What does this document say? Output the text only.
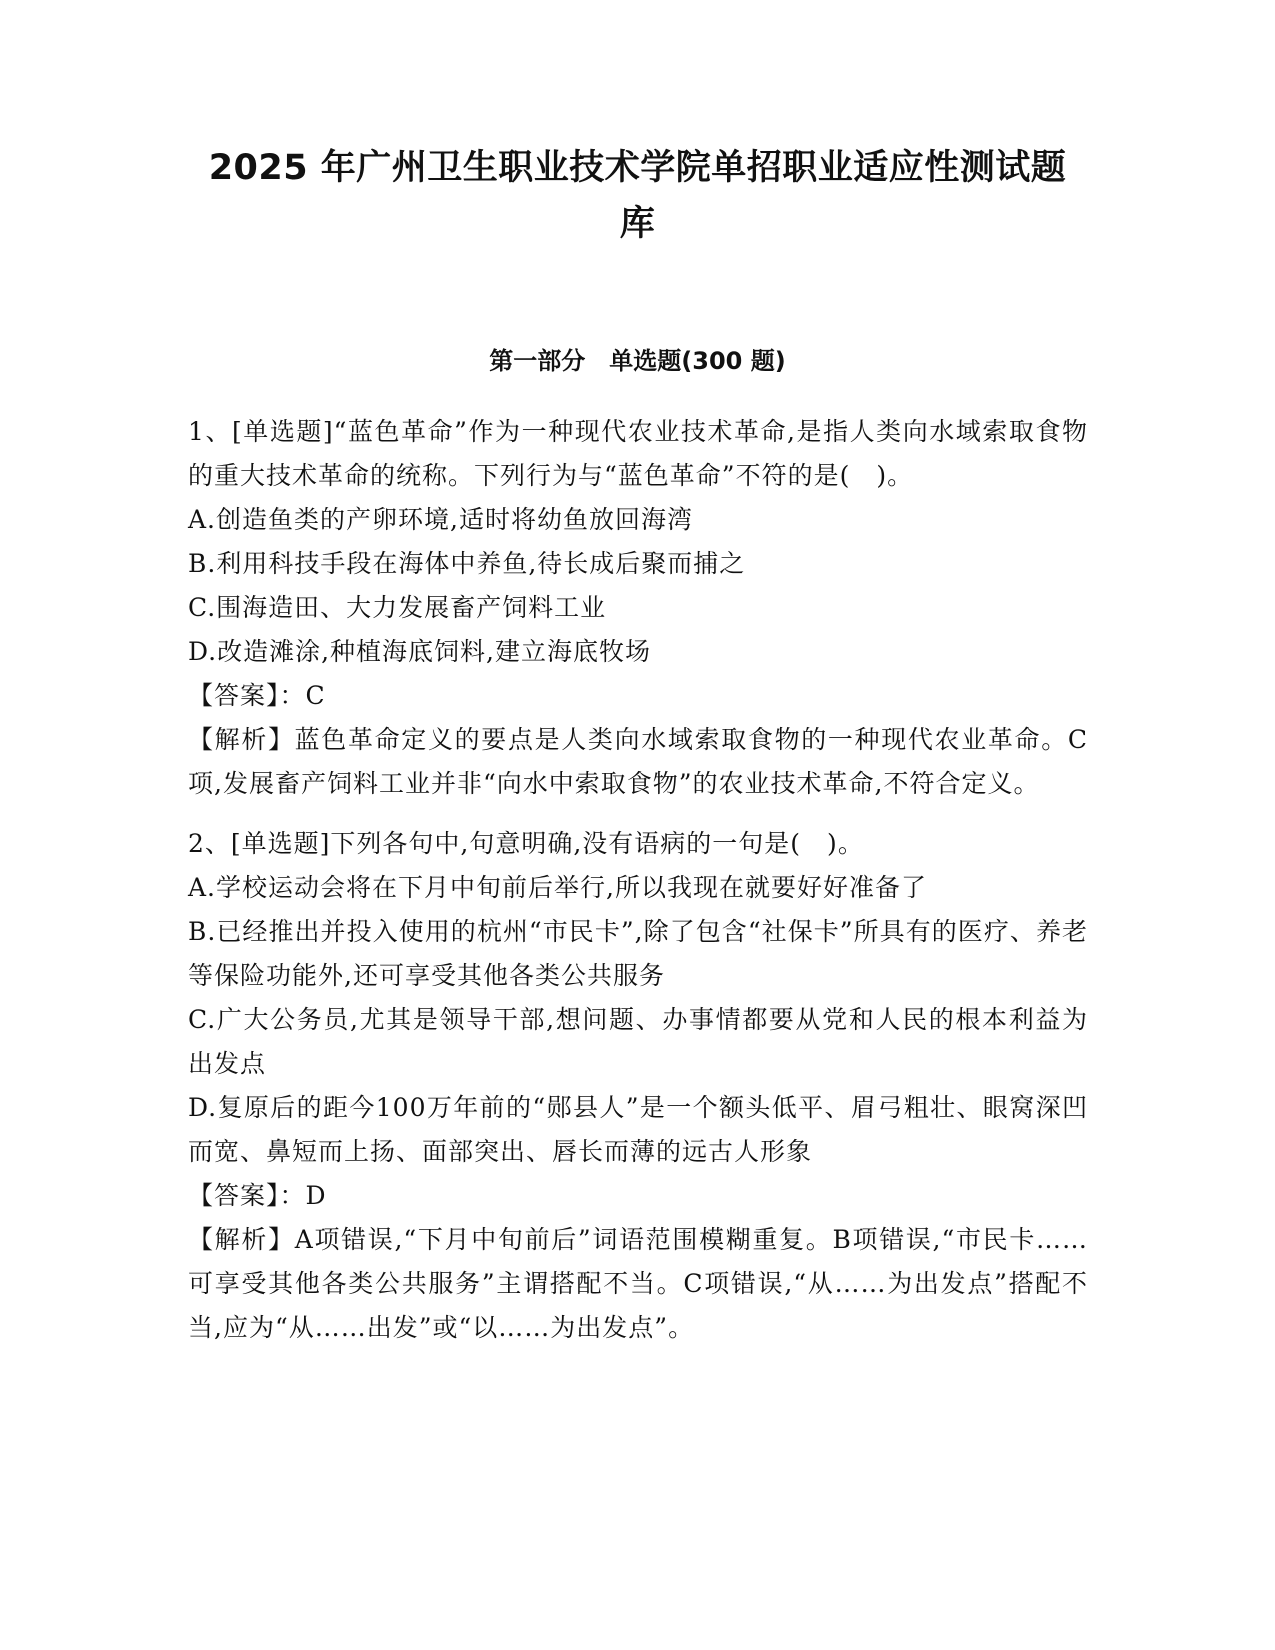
2025 年广州卫生职业技术学院单招职业适应性测试题
库
第一部分　单选题(300 题)

1、[单选题]“蓝色革命”作为一种现代农业技术革命,是指人类向水域索取食物的重大技术革命的统称。下列行为与“蓝色革命”不符的是(　)。

A.创造鱼类的产卵环境,适时将幼鱼放回海湾

B.利用科技手段在海体中养鱼,待长成后聚而捕之

C.围海造田、大力发展畜产饲料工业

D.改造滩涂,种植海底饲料,建立海底牧场

【答案】：C

【解析】蓝色革命定义的要点是人类向水域索取食物的一种现代农业革命。C项,发展畜产饲料工业并非“向水中索取食物”的农业技术革命,不符合定义。

2、[单选题]下列各句中,句意明确,没有语病的一句是(　)。

A.学校运动会将在下月中旬前后举行,所以我现在就要好好准备了

B.已经推出并投入使用的杭州“市民卡”,除了包含“社保卡”所具有的医疗、养老等保险功能外,还可享受其他各类公共服务

C.广大公务员,尤其是领导干部,想问题、办事情都要从党和人民的根本利益为出发点

D.复原后的距今100万年前的“郧县人”是一个额头低平、眉弓粗壮、眼窝深凹而宽、鼻短而上扬、面部突出、唇长而薄的远古人形象

【答案】：D

【解析】A项错误,“下月中旬前后”词语范围模糊重复。B项错误,“市民卡……可享受其他各类公共服务”主谓搭配不当。C项错误,“从……为出发点”搭配不当,应为“从……出发”或“以……为出发点”。
